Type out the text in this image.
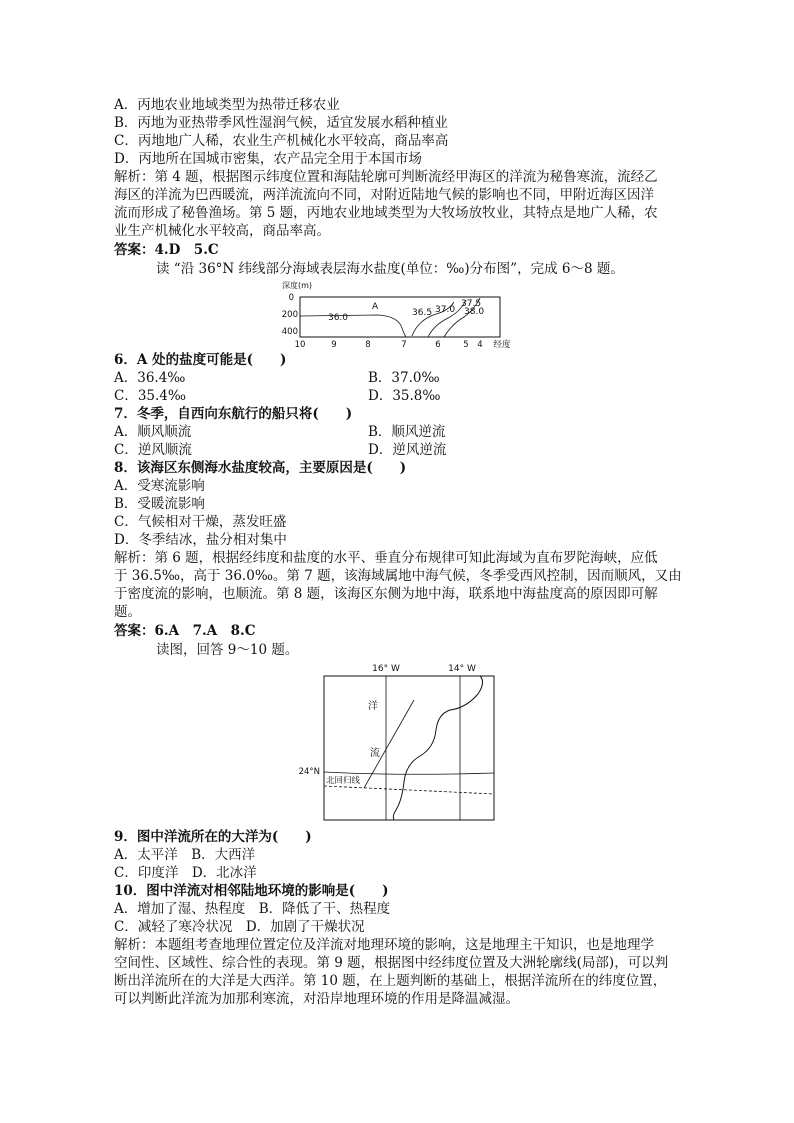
A．丙地农业地域类型为热带迁移农业
B．丙地为亚热带季风性湿润气候，适宜发展水稻种植业
C．丙地地广人稀，农业生产机械化水平较高，商品率高
D．丙地所在国城市密集，农产品完全用于本国市场
解析：第 4 题，根据图示纬度位置和海陆轮廓可判断流经甲海区的洋流为秘鲁寒流，流经乙
海区的洋流为巴西暖流，两洋流流向不同，对附近陆地气候的影响也不同，甲附近海区因洋
流而形成了秘鲁渔场。第 5 题，丙地农业地域类型为大牧场放牧业，其特点是地广人稀，农
业生产机械化水平较高，商品率高。
答案：4.D　5.C
读 “沿 36°N 纬线部分海域表层海水盐度(单位：‰)分布图”，完成 6～8 题。
深度(m)
0
200
400
36.0
A
36.5 37.0
37.5
38.0
10	9	8	7	6	5 4 经度
6．A 处的盐度可能是(　　)
A．36.4‰	B．37.0‰
C．35.4‰	D．35.8‰
7．冬季，自西向东航行的船只将(　　)
A．顺风顺流	B．顺风逆流
C．逆风顺流	D．逆风逆流
8．该海区东侧海水盐度较高，主要原因是(　　)
A．受寒流影响
B．受暖流影响
C．气候相对干燥，蒸发旺盛
D．冬季结冰，盐分相对集中
解析：第 6 题，根据经纬度和盐度的水平、垂直分布规律可知此海域为直布罗陀海峡，应低
于 36.5‰，高于 36.0‰。第 7 题，该海域属地中海气候，冬季受西风控制，因而顺风，又由
于密度流的影响，也顺流。第 8 题，该海区东侧为地中海，联系地中海盐度高的原因即可解
题。
答案：6.A　7.A　8.C
读图，回答 9～10 题。
16° W	14° W
洋
流
24°N
北回归线
9．图中洋流所在的大洋为(　　)
A．太平洋　B．大西洋
C．印度洋　D．北冰洋
10．图中洋流对相邻陆地环境的影响是(　　)
A．增加了湿、热程度　B．降低了干、热程度
C．减轻了寒冷状况　D．加剧了干燥状况
解析：本题组考查地理位置定位及洋流对地理环境的影响，这是地理主干知识，也是地理学
空间性、区域性、综合性的表现。第 9 题，根据图中经纬度位置及大洲轮廓线(局部)，可以判
断出洋流所在的大洋是大西洋。第 10 题，在上题判断的基础上，根据洋流所在的纬度位置，
可以判断此洋流为加那利寒流，对沿岸地理环境的作用是降温减湿。
